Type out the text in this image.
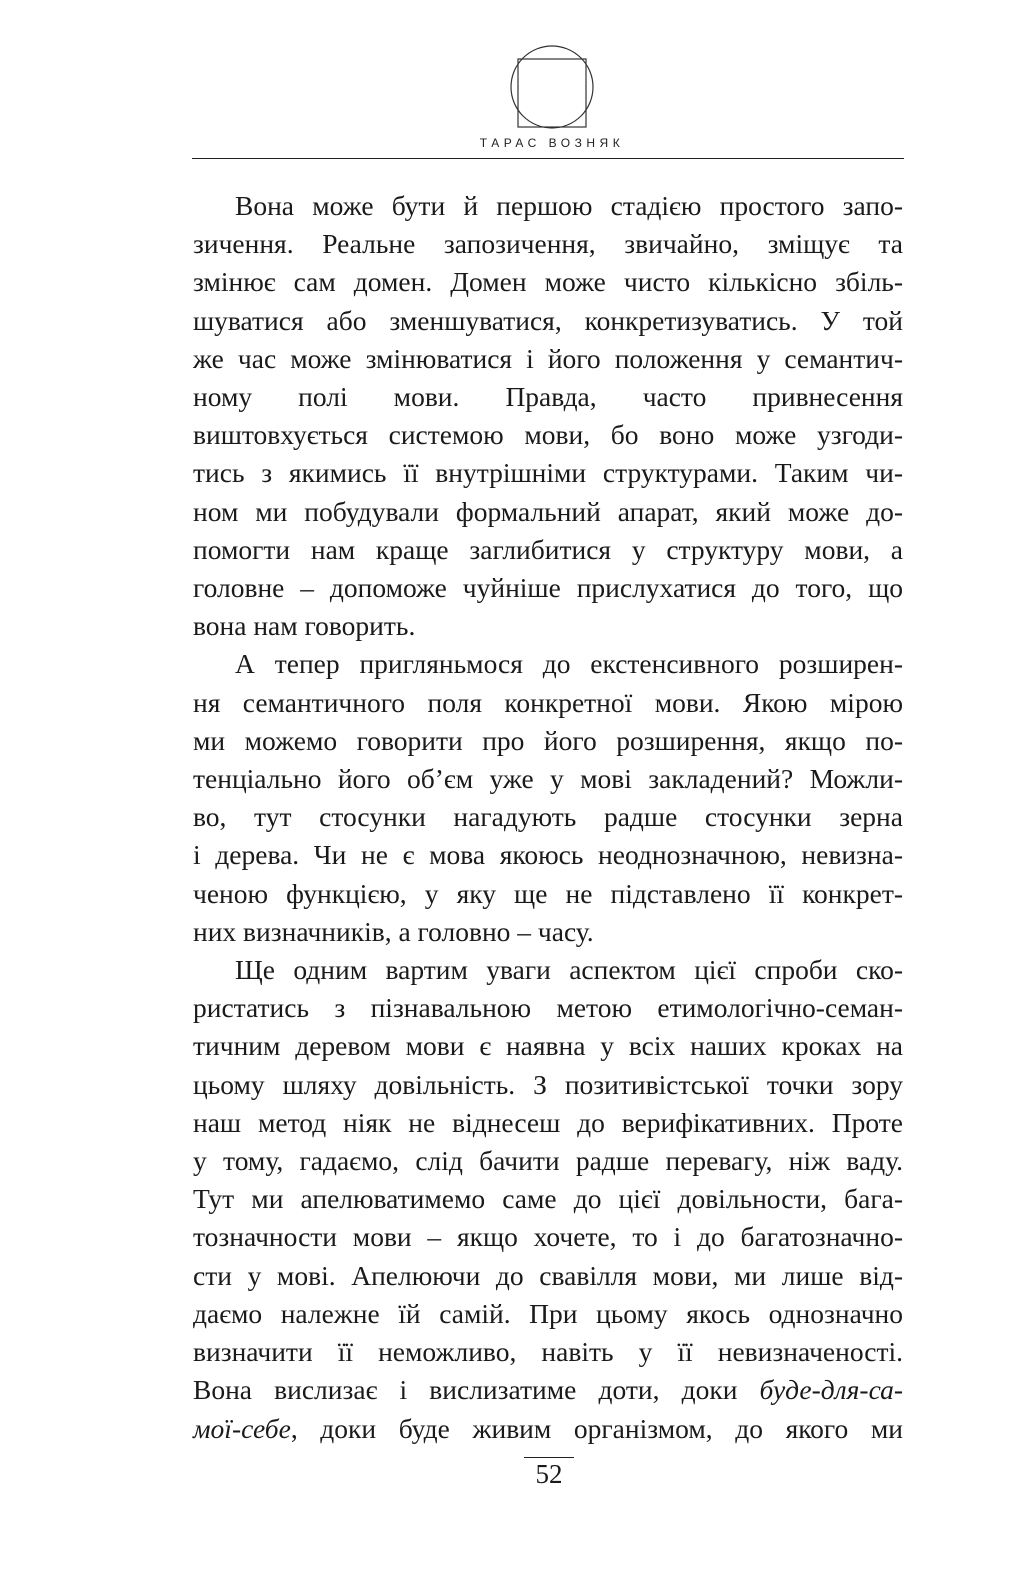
ТАРАС ВОЗНЯК
Вона може бути й першою стадією простого запо-
зичення. Реальне запозичення, звичайно, зміщує та
змінює сам домен. Домен може чисто кількісно збіль-
шуватися або зменшуватися, конкретизуватись. У той
же час може змінюватися і його положення у семантич-
ному полі мови. Правда, часто привнесення
виштовхується системою мови, бо воно може узгоди-
тись з якимись її внутрішніми структурами. Таким чи-
ном ми побудували формальний апарат, який може до-
помогти нам краще заглибитися у структуру мови, а
головне – допоможе чуйніше прислухатися до того, що
вона нам говорить.
А тепер пригляньмося до екстенсивного розширен-
ня семантичного поля конкретної мови. Якою мірою
ми можемо говорити про його розширення, якщо по-
тенціально його об’єм уже у мові закладений? Можли-
во, тут стосунки нагадують радше стосунки зерна
і дерева. Чи не є мова якоюсь неоднозначною, невизна-
ченою функцією, у яку ще не підставлено її конкрет-
них визначників, а головно – часу.
Ще одним вартим уваги аспектом цієї спроби ско-
ристатись з пізнавальною метою етимологічно-семан-
тичним деревом мови є наявна у всіх наших кроках на
цьому шляху довільність. З позитивістської точки зору
наш метод ніяк не віднесеш до верифікативних. Проте
у тому, гадаємо, слід бачити радше перевагу, ніж ваду.
Тут ми апелюватимемо саме до цієї довільности, бага-
тозначности мови – якщо хочете, то і до багатозначно-
сти у мові. Апелюючи до свавілля мови, ми лише від-
даємо належне їй самій. При цьому якось однозначно
визначити її неможливо, навіть у її невизначеності.
Вона вислизає і вислизатиме доти, доки буде-для-са-
мої-себе, доки буде живим організмом, до якого ми
52
